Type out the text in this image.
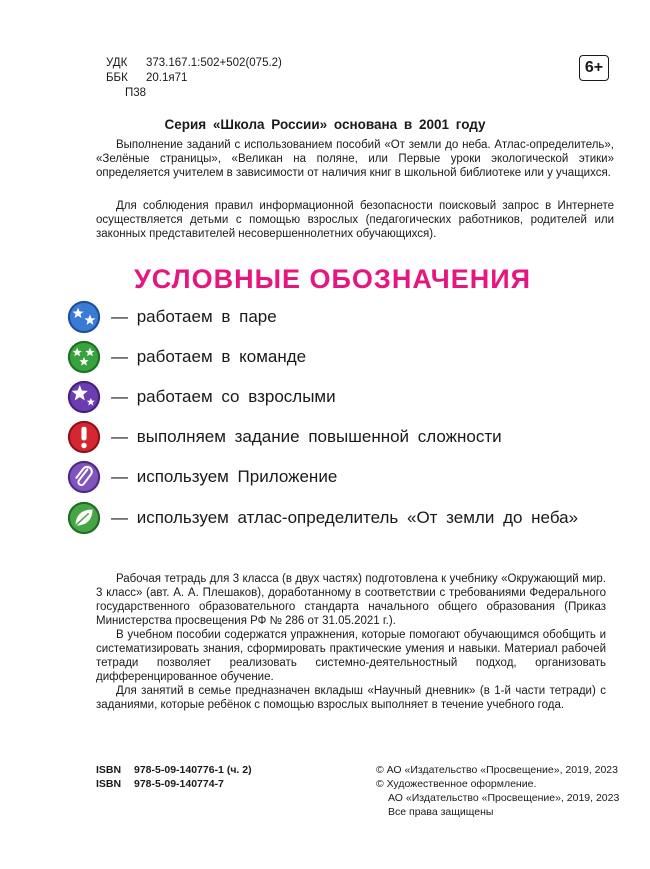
УДК	373.167.1:502+502(075.2)
ББК	20.1я71
П38
6+
Серия «Школа России» основана в 2001 году
Выполнение заданий с использованием пособий «От земли до неба. Атлас-определитель», «Зелёные страницы», «Великан на поляне, или Первые уроки экологической этики» определяется учителем в зависимости от наличия книг в школьной библиотеке или у учащихся.
Для соблюдения правил информационной безопасности поисковый запрос в Интернете осуществляется детьми с помощью взрослых (педагогических работников, родителей или законных представителей несовершеннолетних обучающихся).
УСЛОВНЫЕ ОБОЗНАЧЕНИЯ
— работаем в паре
— работаем в команде
— работаем со взрослыми
— выполняем задание повышенной сложности
— используем Приложение
— используем атлас-определитель «От земли до неба»

Рабочая тетрадь для 3 класса (в двух частях) подготовлена к учебнику «Окружающий мир. 3 класс» (авт. А. А. Плешаков), доработанному в соответствии с требованиями Федерального государственного образовательного стандарта начального общего образования (Приказ Министерства просвещения РФ № 286 от 31.05.2021 г.).

В учебном пособии содержатся упражнения, которые помогают обучающимся обобщить и систематизировать знания, сформировать практические умения и навыки. Материал рабочей тетради позволяет реализовать системно-деятельностный подход, организовать дифференцированное обучение.

Для занятий в семье предназначен вкладыш «Научный дневник» (в 1-й части тетради) с заданиями, которые ребёнок с помощью взрослых выполняет в течение учебного года.

ISBN	978-5-09-140776-1 (ч. 2)
ISBN	978-5-09-140774-7
© АО «Издательство «Просвещение», 2019, 2023
© Художественное оформление.
АО «Издательство «Просвещение», 2019, 2023
Все права защищены
